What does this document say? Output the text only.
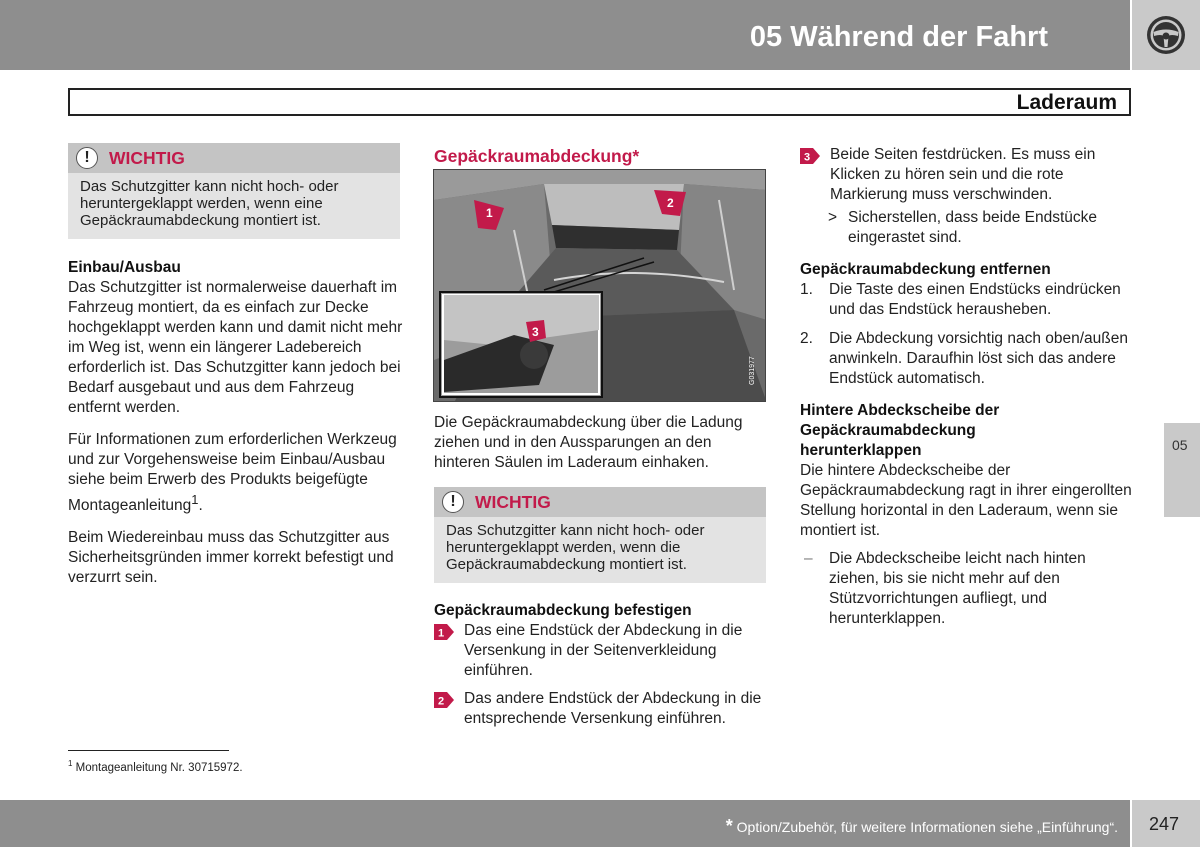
05 Während der Fahrt
Laderaum
!	WICHTIG
Das Schutzgitter kann nicht hoch- oder heruntergeklappt werden, wenn eine Gepäckraumabdeckung montiert ist.
Einbau/Ausbau

Das Schutzgitter ist normalerweise dauerhaft im Fahrzeug montiert, da es einfach zur Decke hochgeklappt werden kann und damit nicht mehr im Weg ist, wenn ein längerer Ladebereich erforderlich ist. Das Schutzgitter kann jedoch bei Bedarf ausgebaut und aus dem Fahrzeug entfernt werden.

Für Informationen zum erforderlichen Werkzeug und zur Vorgehensweise beim Einbau/Ausbau siehe beim Erwerb des Produkts beigefügte Montageanleitung$^1$.

Beim Wiedereinbau muss das Schutzgitter aus Sicherheitsgründen immer korrekt befestigt und verzurrt sein.

Gepäckraumabdeckung*
1
2
3
G031977

Die Gepäckraumabdeckung über die Ladung ziehen und in den Aussparungen an den hinteren Säulen im Laderaum einhaken.

!	WICHTIG
Das Schutzgitter kann nicht hoch- oder heruntergeklappt werden, wenn die Gepäckraumabdeckung montiert ist.
Gepäckraumabdeckung befestigen
1 Das eine Endstück der Abdeckung in die Versenkung in der Seitenverkleidung einführen.
2 Das andere Endstück der Abdeckung in die entsprechende Versenkung einführen.
3 Beide Seiten festdrücken. Es muss ein Klicken zu hören sein und die rote Markierung muss verschwinden.
> Sicherstellen, dass beide Endstücke eingerastet sind.
Gepäckraumabdeckung entfernen
1. Die Taste des einen Endstücks eindrücken und das Endstück herausheben.
2. Die Abdeckung vorsichtig nach oben/außen anwinkeln. Daraufhin löst sich das andere Endstück automatisch.
Hintere Abdeckscheibe der Gepäckraumabdeckung herunterklappen

Die hintere Abdeckscheibe der Gepäckraumabdeckung ragt in ihrer eingerollten Stellung horizontal in den Laderaum, wenn sie montiert ist.

– Die Abdeckscheibe leicht nach hinten ziehen, bis sie nicht mehr auf den Stützvorrichtungen aufliegt, und herunterklappen.
05
$^1$ Montageanleitung Nr. 30715972.
* Option/Zubehör, für weitere Informationen siehe „Einführung“. 247
